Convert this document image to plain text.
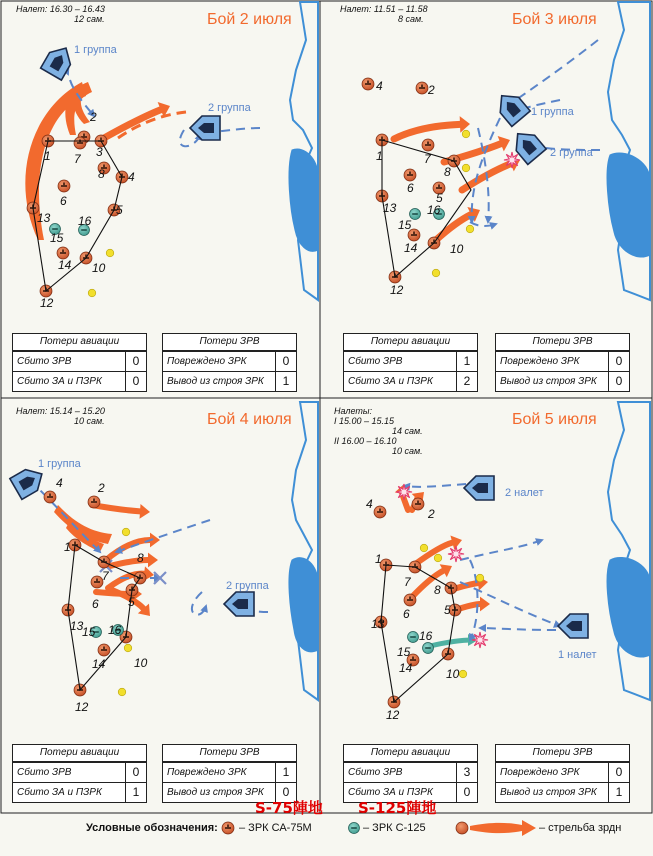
1
2
3
4
5
6
7
8
10
12
13
14
15
16
1
2
4
5
6
7
8
10
12
13
14
15
16
1
2
4
5
6
7
8
10
12
13
14
15 16
1
2
4
5
6
7
8
10
12
13
14
15
16
Бой 2 июля
Налет: 16.30 – 16.43
12 сам.	Бой 3 июля
Налет: 11.51 – 11.58
8 сам.
Бой 4 июля
Налет: 15.14 – 15.20
10 сам.	Бой 5 июля
Налеты:
I 15.00 – 15.15
14 сам.
II 16.00 – 16.10
10 сам.
1 группа
2 группа	1 группа
2 группа
1 группа
2 группа
2 налет
1 налет
Потери авиации
Сбито ЗРВ	0
Сбито ЗА и ПЗРК	0
Потери ЗРВ
Повреждено ЗРК	0
Вывод из строя ЗРК	1
Потери авиации
Сбито ЗРВ	1
Сбито ЗА и ПЗРК	2
Потери ЗРВ
Повреждено ЗРК	0
Вывод из строя ЗРК	0
Потери авиации
Сбито ЗРВ	0
Сбито ЗА и ПЗРК	1
Потери ЗРВ
Повреждено ЗРК	1
Вывод из строя ЗРК	0
Потери авиации
Сбито ЗРВ	3
Сбито ЗА и ПЗРК	0
Потери ЗРВ
Повреждено ЗРК	0
Вывод из строя ЗРК	1
S-75陣地 S-125陣地
Условные обозначения: – ЗРК СА-75М	– ЗРК С-125	– стрельба зрдн
